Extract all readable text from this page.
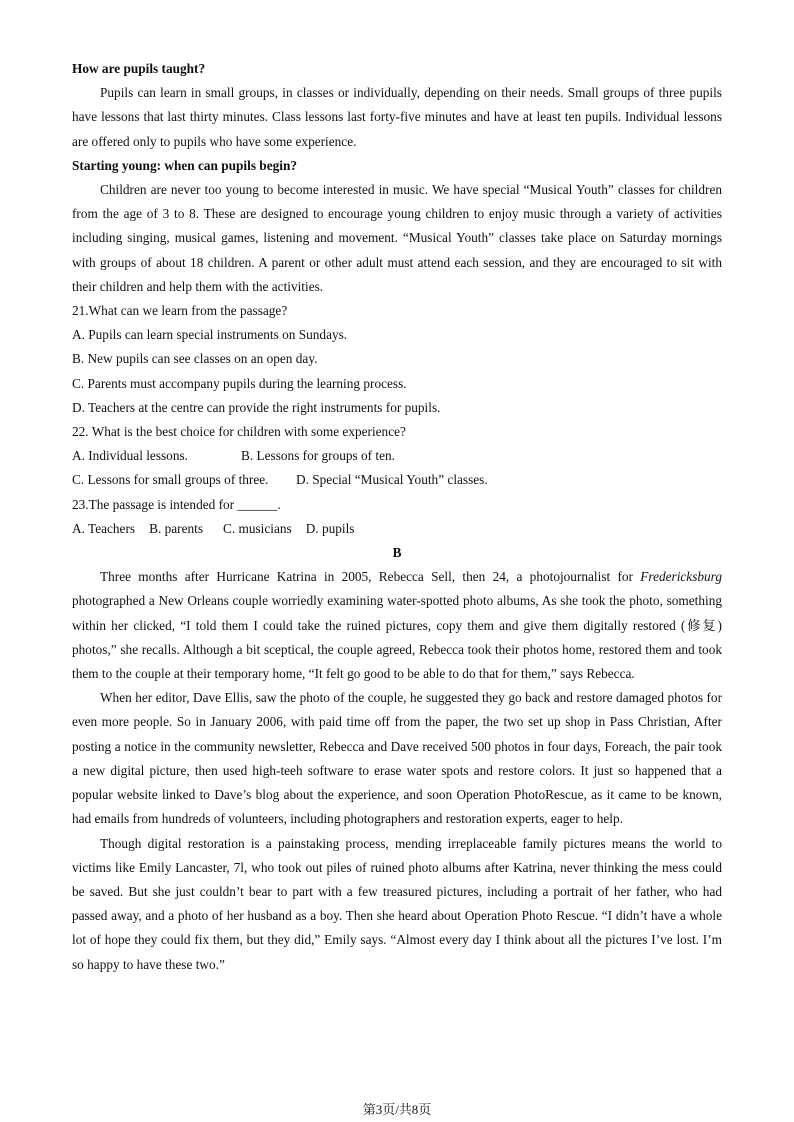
How are pupils taught?

Pupils can learn in small groups, in classes or individually, depending on their needs. Small groups of three pupils have lessons that last thirty minutes. Class lessons last forty-five minutes and have at least ten pupils. Individual lessons are offered only to pupils who have some experience.

Starting young: when can pupils begin?

Children are never too young to become interested in music. We have special “Musical Youth” classes for children from the age of 3 to 8. These are designed to encourage young children to enjoy music through a variety of activities including singing, musical games, listening and movement. “Musical Youth” classes take place on Saturday mornings with groups of about 18 children. A parent or other adult must attend each session, and they are encouraged to sit with their children and help them with the activities.

21.What can we learn from the passage?

A. Pupils can learn special instruments on Sundays.

B. New pupils can see classes on an open day.

C. Parents must accompany pupils during the learning process.

D. Teachers at the centre can provide the right instruments for pupils.

22. What is the best choice for children with some experience?

A. Individual lessons.	B. Lessons for groups of ten.
C. Lessons for small groups of three.	D. Special “Musical Youth” classes.

23.The passage is intended for ______.

A. Teachers B. parents C. musicians D. pupils

B

Three months after Hurricane Katrina in 2005, Rebecca Sell, then 24, a photojournalist for Fredericksburg photographed a New Orleans couple worriedly examining water-spotted photo albums, As she took the photo, something within her clicked, “I told them I could take the ruined pictures, copy them and give them digitally restored (修复) photos,” she recalls. Although a bit sceptical, the couple agreed, Rebecca took their photos home, restored them and took them to the couple at their temporary home, “It felt go good to be able to do that for them,” says Rebecca.

When her editor, Dave Ellis, saw the photo of the couple, he suggested they go back and restore damaged photos for even more people. So in January 2006, with paid time off from the paper, the two set up shop in Pass Christian, After posting a notice in the community newsletter, Rebecca and Dave received 500 photos in four days, Foreach, the pair took a new digital picture, then used high-teeh software to erase water spots and restore colors. It just so happened that a popular website linked to Dave’s blog about the experience, and soon Operation PhotoRescue, as it came to be known, had emails from hundreds of volunteers, including photographers and restoration experts, eager to help.

Though digital restoration is a painstaking process, mending irreplaceable family pictures means the world to victims like Emily Lancaster, 7l, who took out piles of ruined photo albums after Katrina, never thinking the mess could be saved. But she just couldn’t bear to part with a few treasured pictures, including a portrait of her father, who had passed away, and a photo of her husband as a boy. Then she heard about Operation Photo Rescue. “I didn’t have a whole lot of hope they could fix them, but they did,” Emily says. “Almost every day I think about all the pictures I’ve lost. I’m so happy to have these two.”

第3页/共8页
